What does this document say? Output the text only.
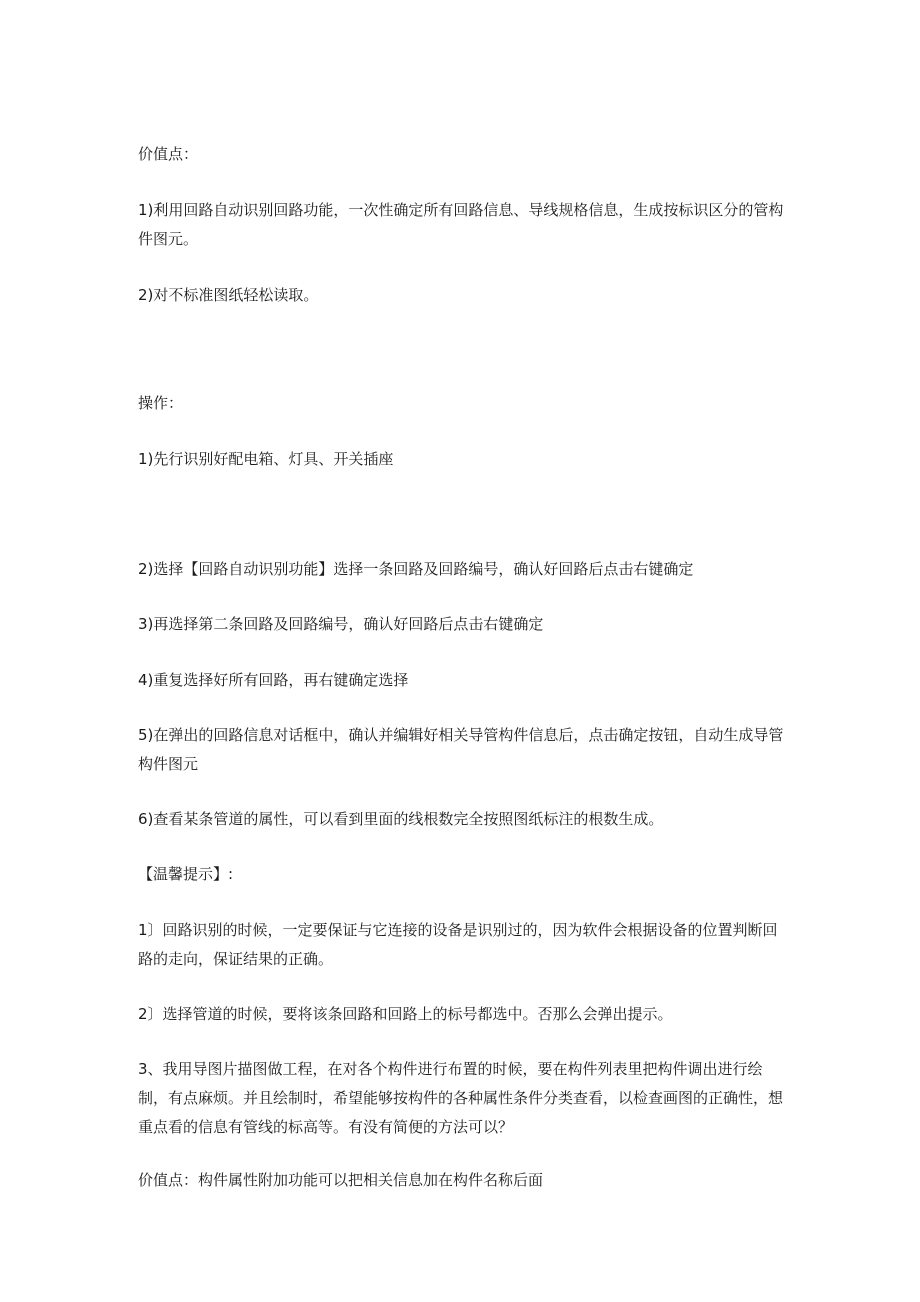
价值点：

1)利用回路自动识别回路功能，一次性确定所有回路信息、导线规格信息，生成按标识区分的管构件图元。

2)对不标准图纸轻松读取。

操作：

1)先行识别好配电箱、灯具、开关插座

2)选择【回路自动识别功能】选择一条回路及回路编号，确认好回路后点击右键确定

3)再选择第二条回路及回路编号，确认好回路后点击右键确定

4)重复选择好所有回路，再右键确定选择

5)在弹出的回路信息对话框中，确认并编辑好相关导管构件信息后，点击确定按钮，自动生成导管构件图元

6)查看某条管道的属性，可以看到里面的线根数完全按照图纸标注的根数生成。

【温馨提示】:

1〕回路识别的时候，一定要保证与它连接的设备是识别过的，因为软件会根据设备的位置判断回路的走向，保证结果的正确。

2〕选择管道的时候，要将该条回路和回路上的标号都选中。否那么会弹出提示。

3、我用导图片描图做工程，在对各个构件进行布置的时候，要在构件列表里把构件调出进行绘制，有点麻烦。并且绘制时，希望能够按构件的各种属性条件分类查看，以检查画图的正确性，想重点看的信息有管线的标高等。有没有简便的方法可以？

价值点：构件属性附加功能可以把相关信息加在构件名称后面
